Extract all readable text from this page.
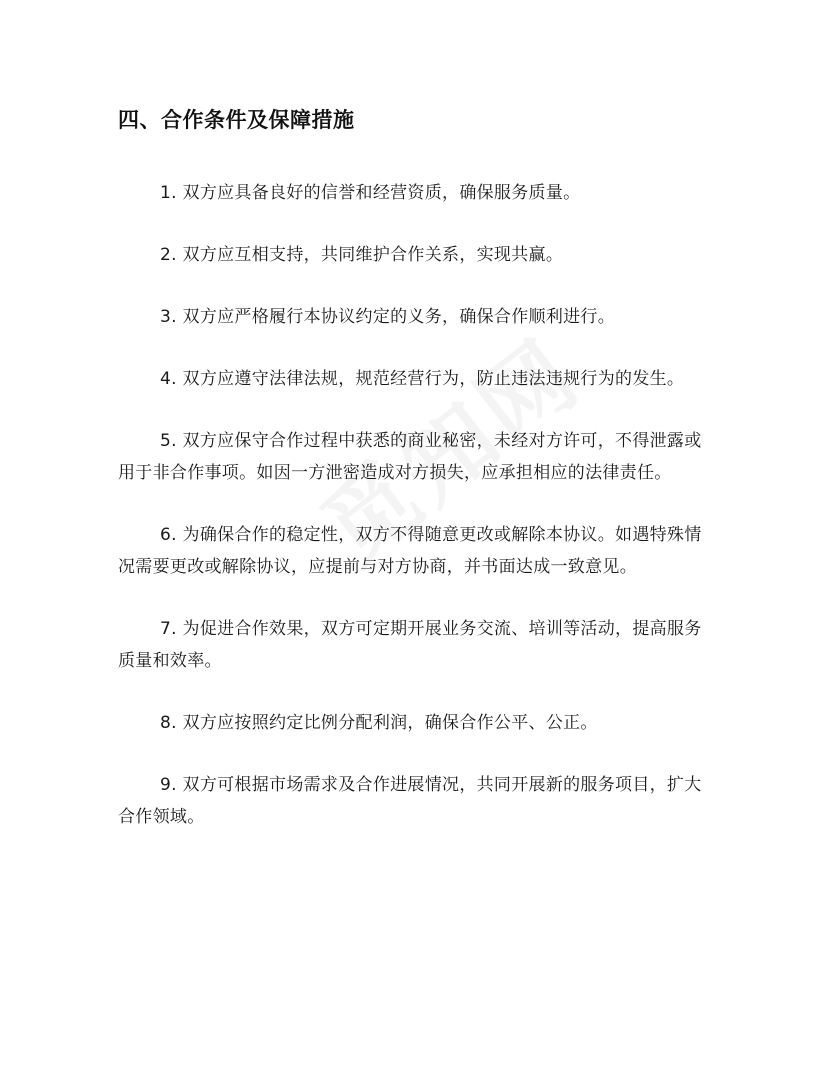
四、合作条件及保障措施

1. 双方应具备良好的信誉和经营资质，确保服务质量。

2. 双方应互相支持，共同维护合作关系，实现共赢。

3. 双方应严格履行本协议约定的义务，确保合作顺利进行。

4. 双方应遵守法律法规，规范经营行为，防止违法违规行为的发生。

5. 双方应保守合作过程中获悉的商业秘密，未经对方许可，不得泄露或用于非合作事项。如因一方泄密造成对方损失，应承担相应的法律责任。

6. 为确保合作的稳定性，双方不得随意更改或解除本协议。如遇特殊情况需要更改或解除协议，应提前与对方协商，并书面达成一致意见。

7. 为促进合作效果，双方可定期开展业务交流、培训等活动，提高服务质量和效率。

8. 双方应按照约定比例分配利润，确保合作公平、公正。

9. 双方可根据市场需求及合作进展情况，共同开展新的服务项目，扩大合作领域。
